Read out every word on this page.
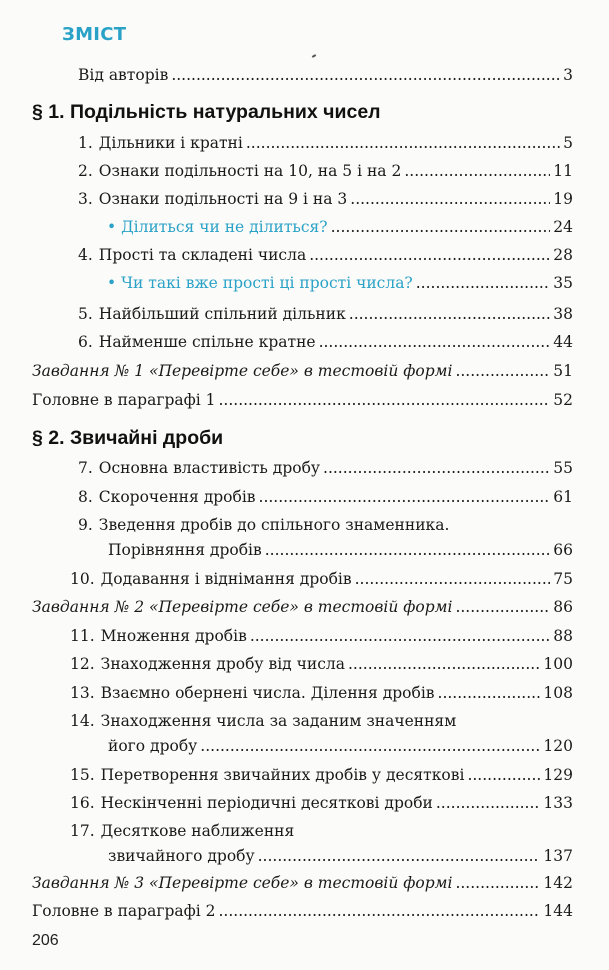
ЗМІСТ
Від авторів .....	3
§ 1. Подільність натуральних чисел
1. Дільники і кратні .....	5
2. Ознаки подільності на 10, на 5 і на 2 .....	11
3. Ознаки подільності на 9 і на 3 .....	19
• Ділиться чи не ділиться? .....	24
4. Прості та складені числа .....	28
• Чи такі вже прості ці прості числа? .....	35
5. Найбільший спільний дільник .....	38
6. Найменше спільне кратне .....	44
Завдання № 1 «Перевірте себе» в тестовій формі .....	51
Головне в параграфі 1 .....	52
§ 2. Звичайні дроби
7. Основна властивість дробу .....	55
8. Скорочення дробів .....	61
9. Зведення дробів до спільного знаменника.
Порівняння дробів .....	66
10. Додавання і віднімання дробів .....	75
Завдання № 2 «Перевірте себе» в тестовій формі .....	86
11. Множення дробів .....	88
12. Знаходження дробу від числа .....	100
13. Взаємно обернені числа. Ділення дробів .....	108
14. Знаходження числа за заданим значенням
його дробу .....	120
15. Перетворення звичайних дробів у десяткові .....	129
16. Нескінченні періодичні десяткові дроби .....	133
17. Десяткове наближення
звичайного дробу .....	137
Завдання № 3 «Перевірте себе» в тестовій формі .....	142
Головне в параграфі 2 .....	144
206
